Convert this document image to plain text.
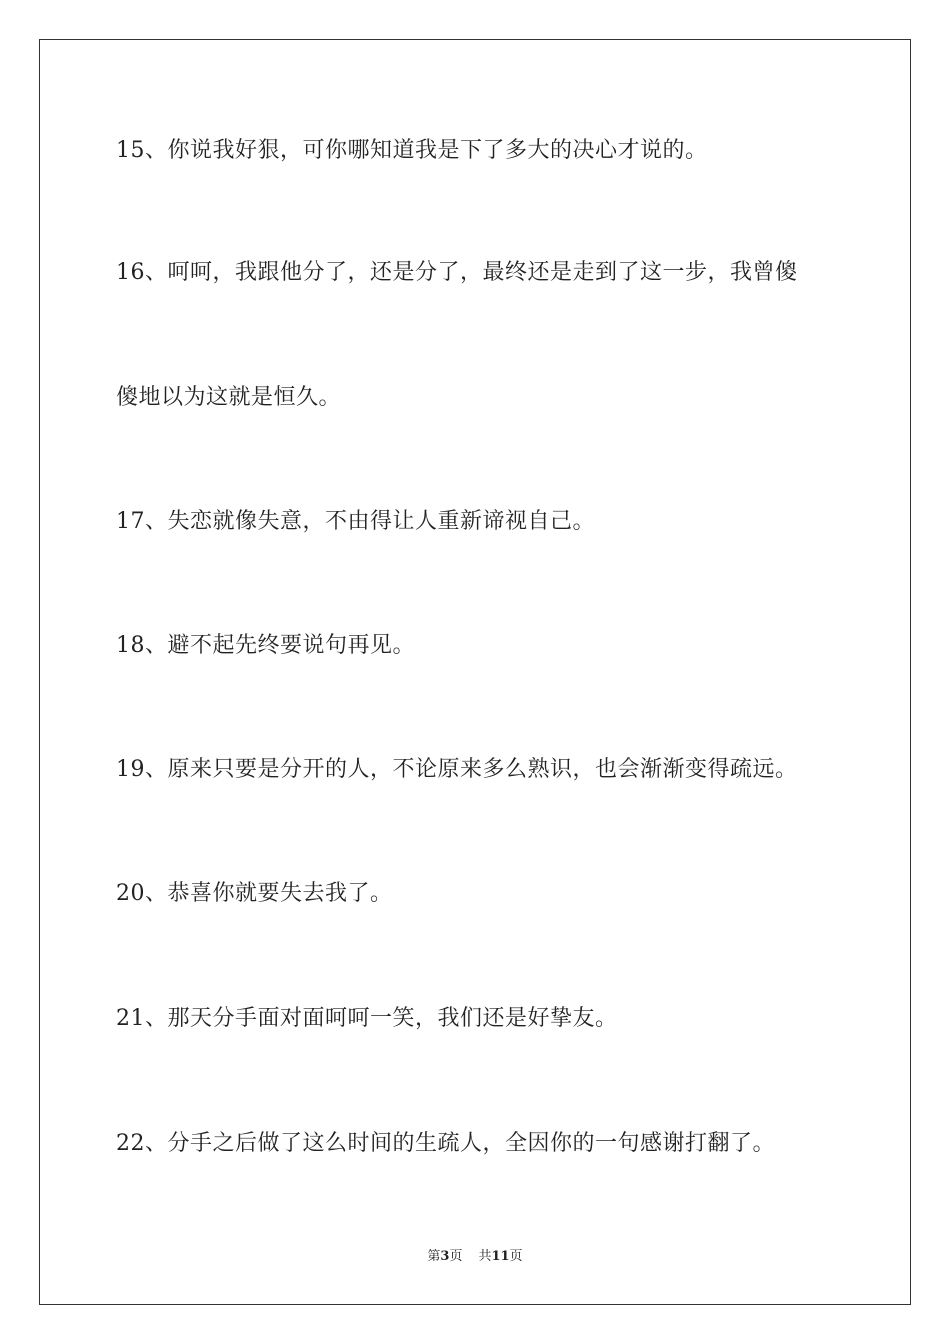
15、你说我好狠，可你哪知道我是下了多大的决心才说的。
16、呵呵，我跟他分了，还是分了，最终还是走到了这一步，我曾傻
傻地以为这就是恒久。
17、失恋就像失意，不由得让人重新谛视自己。
18、避不起先终要说句再见。
19、原来只要是分开的人，不论原来多么熟识，也会渐渐变得疏远。
20、恭喜你就要失去我了。
21、那天分手面对面呵呵一笑，我们还是好挚友。
22、分手之后做了这么时间的生疏人，全因你的一句感谢打翻了。
第3页 共11页
